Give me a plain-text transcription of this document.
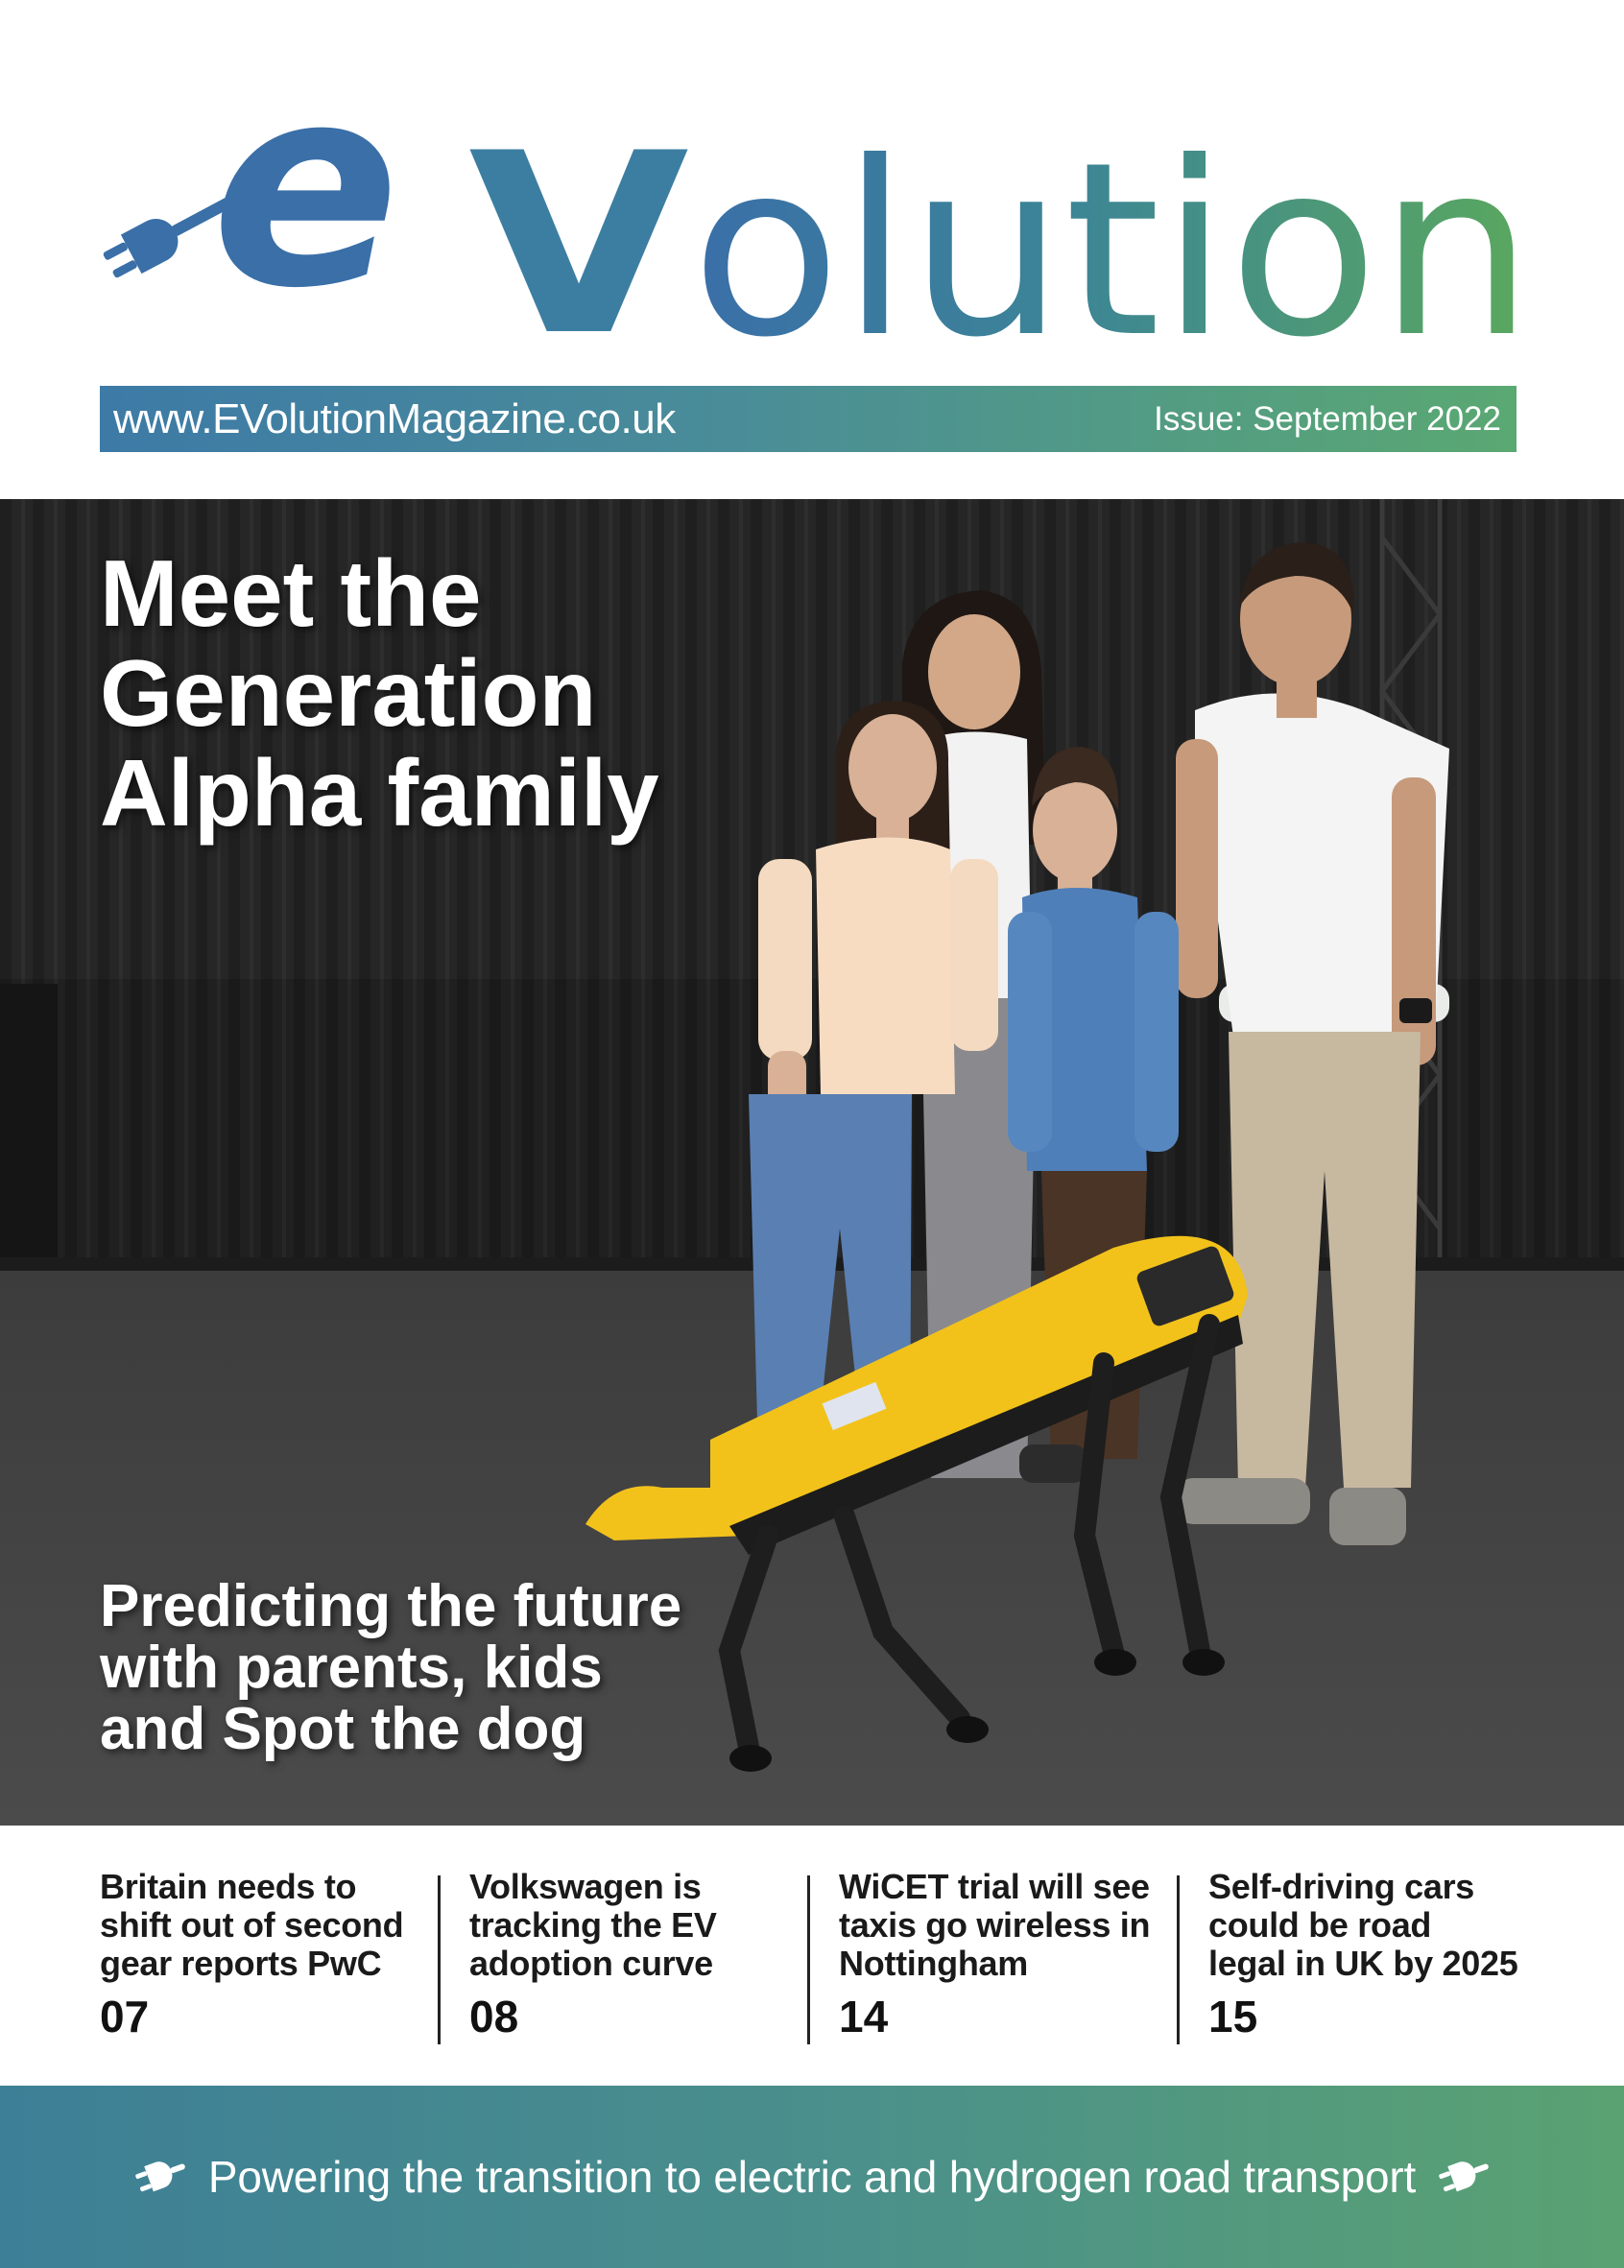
e V olution
www.EVolutionMagazine.co.uk	Issue: September 2022
Meet the
Generation
Alpha family
Predicting the future
with parents, kids
and Spot the dog

Britain needs to
shift out of second
gear reports PwC

07

Volkswagen is
tracking the EV
adoption curve

08

WiCET trial will see
taxis go wireless in
Nottingham

14

Self-driving cars
could be road
legal in UK by 2025

15
Powering the transition to electric and hydrogen road transport
